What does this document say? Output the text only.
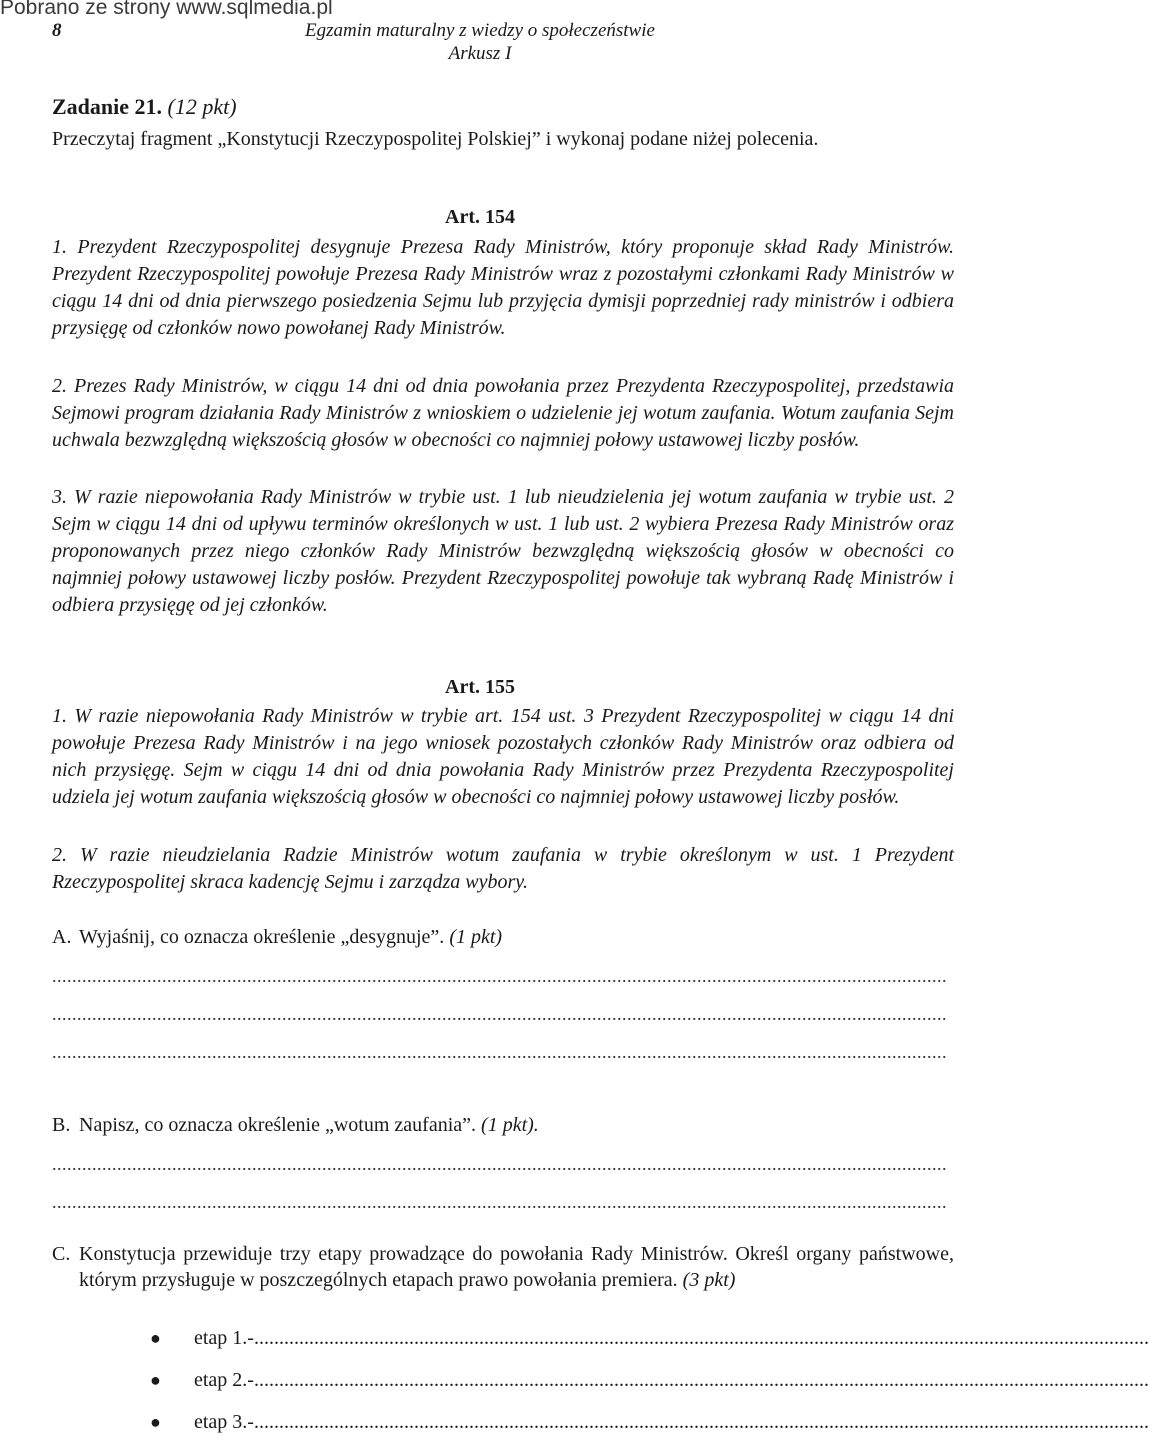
Pobrano ze strony www.sqlmedia.pl
8	Egzamin maturalny z wiedzy o społeczeństwie
Arkusz I
Zadanie 21. (12 pkt)
Przeczytaj fragment „Konstytucji Rzeczypospolitej Polskiej” i wykonaj podane niżej polecenia.
Art. 154
1. Prezydent Rzeczypospolitej desygnuje Prezesa Rady Ministrów, który proponuje skład Rady Ministrów. Prezydent Rzeczypospolitej powołuje Prezesa Rady Ministrów wraz z pozostałymi członkami Rady Ministrów w ciągu 14 dni od dnia pierwszego posiedzenia Sejmu lub przyjęcia dymisji poprzedniej rady ministrów i odbiera przysięgę od członków nowo powołanej Rady Ministrów.
2. Prezes Rady Ministrów, w ciągu 14 dni od dnia powołania przez Prezydenta Rzeczypospolitej, przedstawia Sejmowi program działania Rady Ministrów z wnioskiem o udzielenie jej wotum zaufania. Wotum zaufania Sejm uchwala bezwzględną większością głosów w obecności co najmniej połowy ustawowej liczby posłów.
3. W razie niepowołania Rady Ministrów w trybie ust. 1 lub nieudzielenia jej wotum zaufania w trybie ust. 2 Sejm w ciągu 14 dni od upływu terminów określonych w ust. 1 lub ust. 2 wybiera Prezesa Rady Ministrów oraz proponowanych przez niego członków Rady Ministrów bezwzględną większością głosów w obecności co najmniej połowy ustawowej liczby posłów. Prezydent Rzeczypospolitej powołuje tak wybraną Radę Ministrów i odbiera przysięgę od jej członków.
Art. 155
1. W razie niepowołania Rady Ministrów w trybie art. 154 ust. 3 Prezydent Rzeczypospolitej w ciągu 14 dni powołuje Prezesa Rady Ministrów i na jego wniosek pozostałych członków Rady Ministrów oraz odbiera od nich przysięgę. Sejm w ciągu 14 dni od dnia powołania Rady Ministrów przez Prezydenta Rzeczypospolitej udziela jej wotum zaufania większością głosów w obecności co najmniej połowy ustawowej liczby posłów.
2. W razie nieudzielania Radzie Ministrów wotum zaufania w trybie określonym w ust. 1 Prezydent Rzeczypospolitej skraca kadencję Sejmu i zarządza wybory.
A. Wyjaśnij, co oznacza określenie „desygnuje”. (1 pkt)
...................................................................................................................................................................................
...................................................................................................................................................................................
...................................................................................................................................................................................
B. Napisz, co oznacza określenie „wotum zaufania”. (1 pkt).
...................................................................................................................................................................................
...................................................................................................................................................................................
C. Konstytucja przewiduje trzy etapy prowadzące do powołania Rady Ministrów. Określ organy państwowe, którym przysługuje w poszczególnych etapach prawo powołania premiera. (3 pkt)
● etap 1.-...................................................................................................................................................................................
● etap 2.-...................................................................................................................................................................................
● etap 3.-...................................................................................................................................................................................
